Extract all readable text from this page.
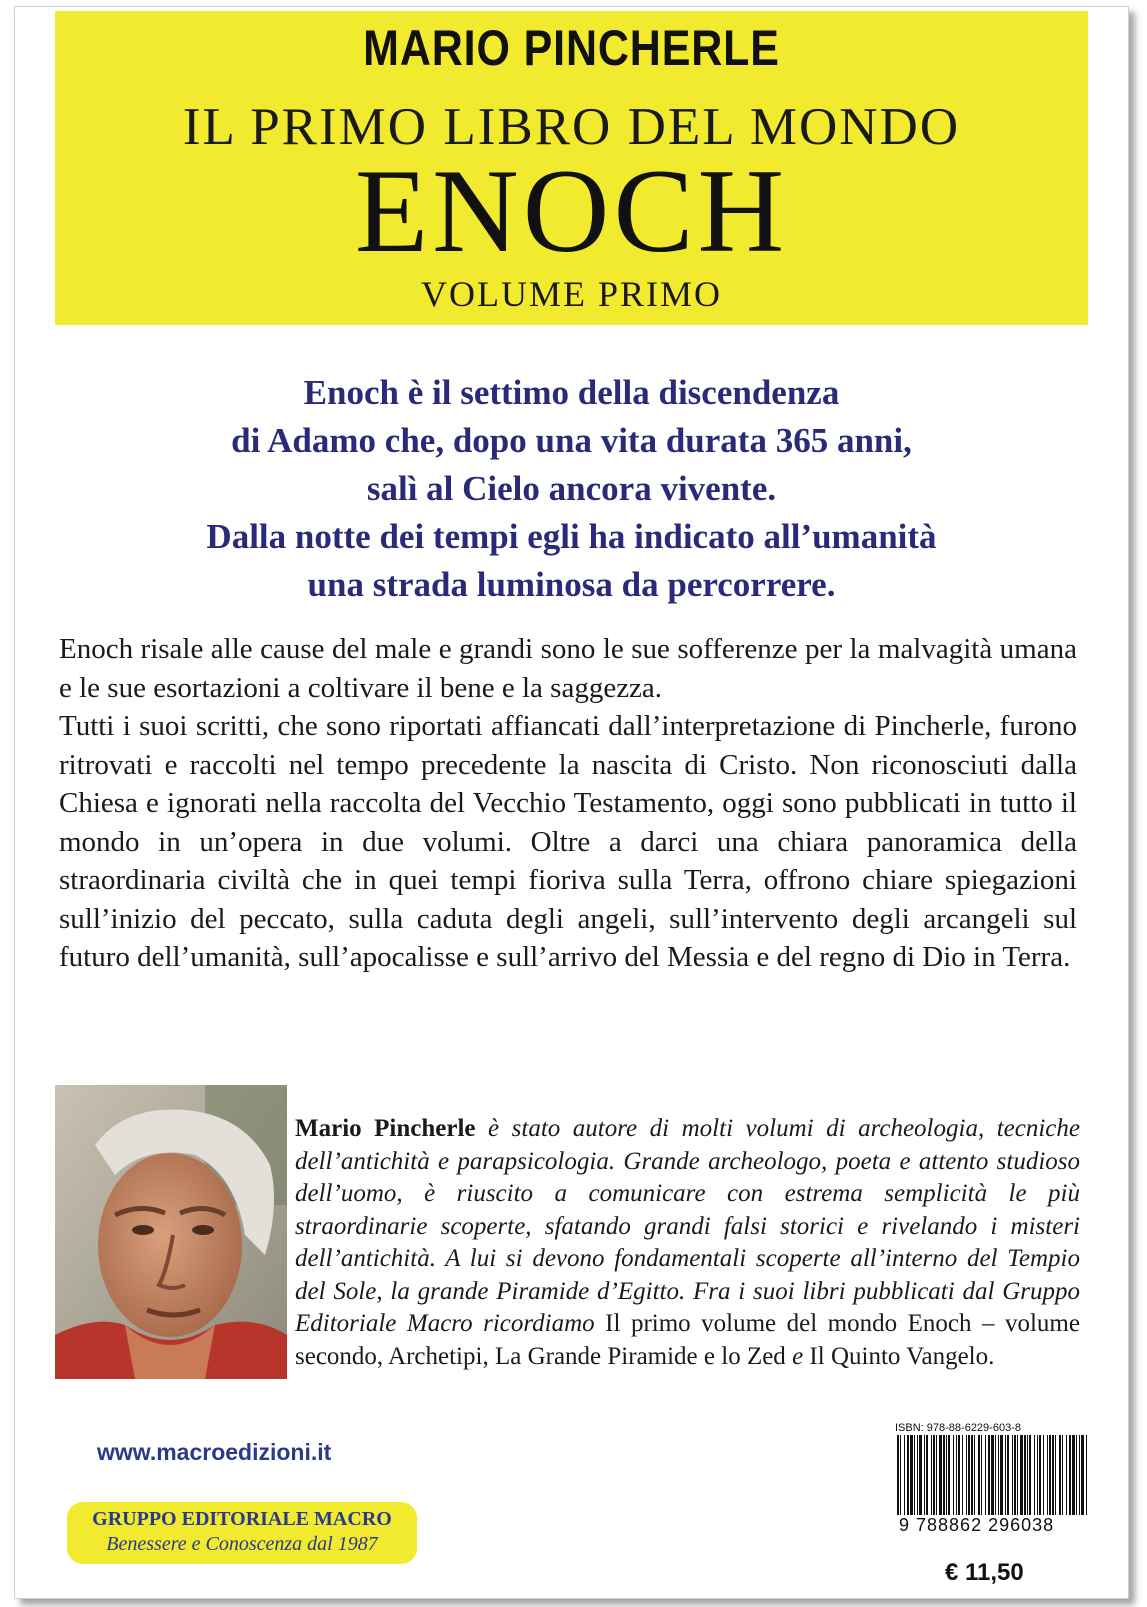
MARIO PINCHERLE
IL PRIMO LIBRO DEL MONDO
ENOCH
VOLUME PRIMO
Enoch è il settimo della discendenza
di Adamo che, dopo una vita durata 365 anni,
salì al Cielo ancora vivente.
Dalla notte dei tempi egli ha indicato all’umanità
una strada luminosa da percorrere.

Enoch risale alle cause del male e grandi sono le sue sofferenze per la malvagità umana e le sue esortazioni a coltivare il bene e la saggezza.

Tutti i suoi scritti, che sono riportati affiancati dall’interpretazione di Pincherle, furono ritrovati e raccolti nel tempo precedente la nascita di Cristo. Non riconosciuti dalla Chiesa e ignorati nella raccolta del Vecchio Testamento, oggi sono pubblicati in tutto il mondo in un’opera in due volumi. Oltre a darci una chiara panoramica della straordinaria civiltà che in quei tempi fioriva sulla Terra, offrono chiare spiegazioni sull’inizio del peccato, sulla caduta degli angeli, sull’intervento degli arcangeli sul futuro dell’umanità, sull’apocalisse e sull’arrivo del Messia e del regno di Dio in Terra.

Mario Pincherle è stato autore di molti volumi di archeologia, tecniche dell’antichità e parapsicologia. Grande archeologo, poeta e attento studioso dell’uomo, è riuscito a comunicare con estrema semplicità le più straordinarie scoperte, sfatando grandi falsi storici e rivelando i misteri dell’antichità. A lui si devono fondamentali scoperte all’interno del Tempio del Sole, la grande Piramide d’Egitto. Fra i suoi libri pubblicati dal Gruppo Editoriale Macro ricordiamo Il primo volume del mondo Enoch – volume secondo, Archetipi, La Grande Piramide e lo Zed e Il Quinto Vangelo.
www.macroedizioni.it
GRUPPO EDITORIALE MACRO
Benessere e Conoscenza dal 1987
ISBN: 978-88-6229-603-8
9 788862 296038
€ 11,50
